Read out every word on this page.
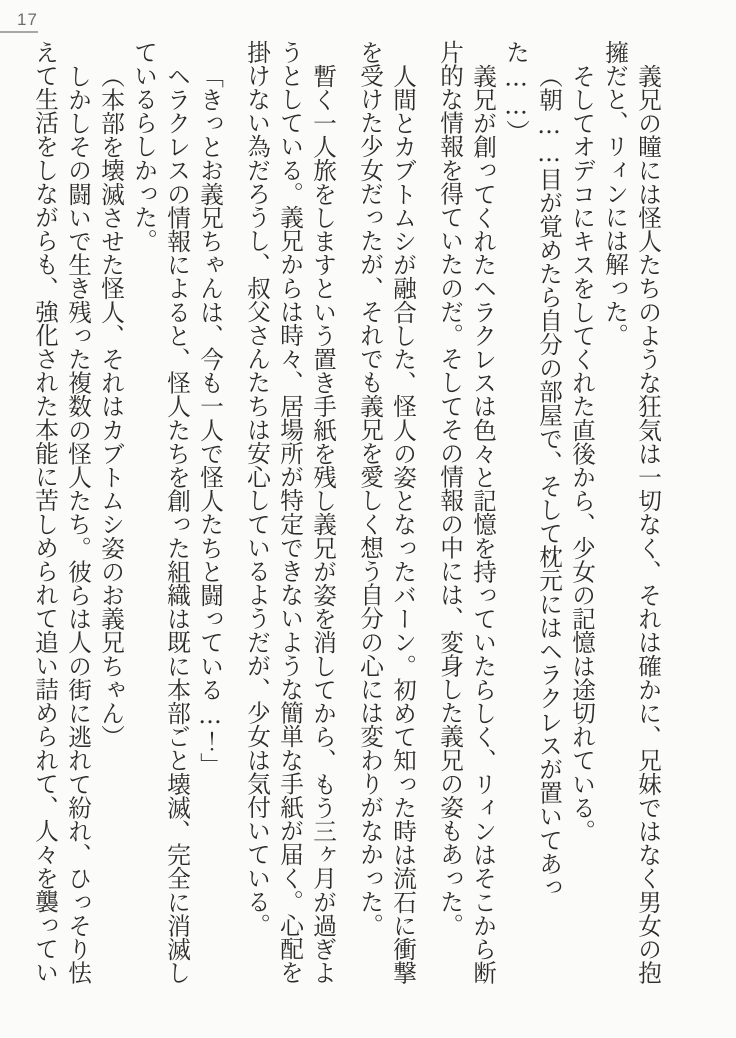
17

義兄の瞳には怪人たちのような狂気は一切なく、それは確かに、兄妹ではなく男女の抱擁だと、リィンには解った。

そしてオデコにキスをしてくれた直後から、少女の記憶は途切れている。

（朝……目が覚めたら自分の部屋で、そして枕元にはヘラクレスが置いてあった……）

義兄が創ってくれたヘラクレスは色々と記憶を持っていたらしく、リィンはそこから断片的な情報を得ていたのだ。そしてその情報の中には、変身した義兄の姿もあった。

人間とカブトムシが融合した、怪人の姿となったバーン。初めて知った時は流石に衝撃を受けた少女だったが、それでも義兄を愛しく想う自分の心には変わりがなかった。

暫く一人旅をしますという置き手紙を残し義兄が姿を消してから、もう三ヶ月が過ぎようとしている。義兄からは時々、居場所が特定できないような簡単な手紙が届く。心配を掛けない為だろうし、叔父さんたちは安心しているようだが、少女は気付いている。

「きっとお義兄ちゃんは、今も一人で怪人たちと闘っている…！」

ヘラクレスの情報によると、怪人たちを創った組織は既に本部ごと壊滅、完全に消滅しているらしかった。

（本部を壊滅させた怪人、それはカブトムシ姿のお義兄ちゃん）

しかしその闘いで生き残った複数の怪人たち。彼らは人の街に逃れて紛れ、ひっそり怯えて生活をしながらも、強化された本能に苦しめられて追い詰められて、人々を襲ってい
